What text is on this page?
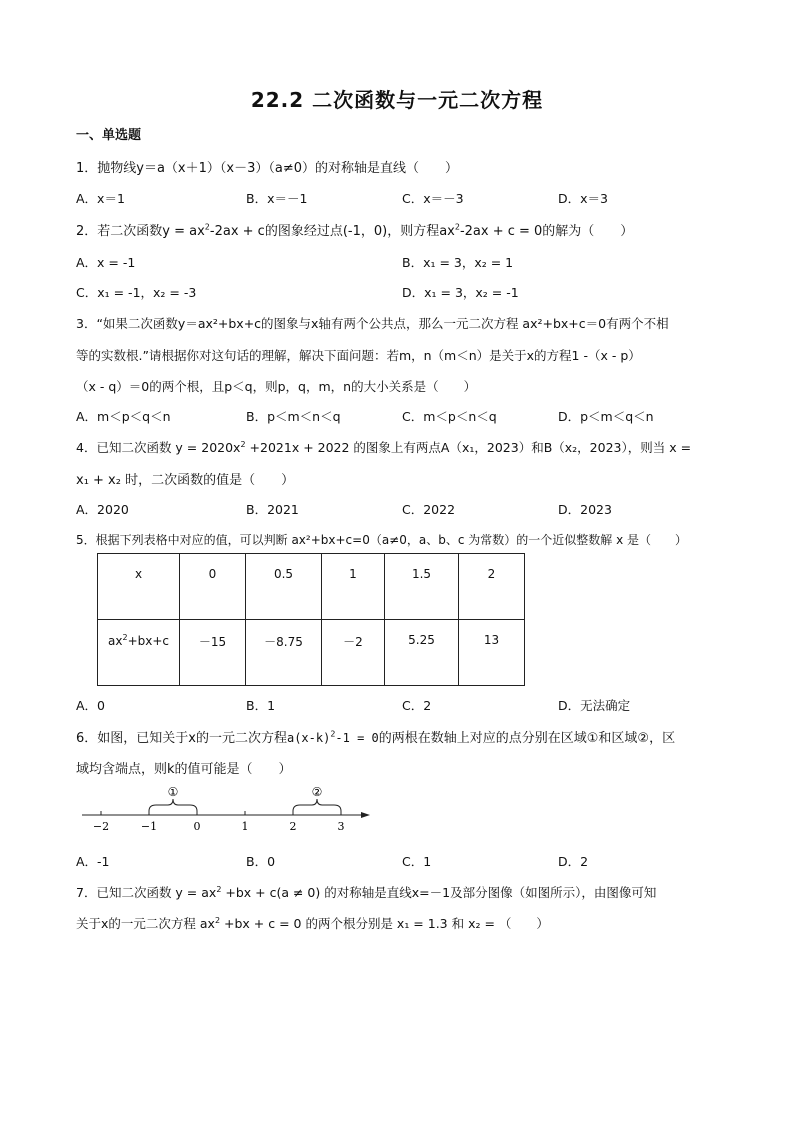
22.2 二次函数与一元二次方程
一、单选题
1．抛物线y＝a（x＋1）（x－3）（a≠0）的对称轴是直线（　　）
A．x＝1	B．x＝－1	C．x＝－3	D．x＝3
2．若二次函数$y = ax^2-2ax + c$的图象经过点(-1，0)，则方程$ax^2-2ax + c = 0$的解为（　　）
A．x = -1	B．x₁ = 3，x₂ = 1
C．x₁ = -1，x₂ = -3	D．x₁ = 3，x₂ = -1
3．“如果二次函数y＝ax²+bx+c的图象与x轴有两个公共点，那么一元二次方程 ax²+bx+c＝0有两个不相
等的实数根.”请根据你对这句话的理解，解决下面问题：若m，n（m＜n）是关于x的方程1 -（x - p）
（x - q）＝0的两个根，且p＜q，则p，q，m，n的大小关系是（　　）
A．m＜p＜q＜n	B．p＜m＜n＜q	C．m＜p＜n＜q	D．p＜m＜q＜n
4．已知二次函数 $y = 2020x^2 +2021x + 2022$ 的图象上有两点A（x₁，2023）和B（x₂，2023），则当 x =
x₁ + x₂ 时，二次函数的值是（　　）
A．2020	B．2021	C．2022	D．2023
5．根据下列表格中对应的值，可以判断 ax²+bx+c=0（a≠0，a、b、c 为常数）的一个近似整数解 x 是（　　）
x	0	0.5	1	1.5	2
$ax^2+bx+c$	－15	－8.75	－2	5.25	13
A．0	B．1	C．2	D．无法确定
6．如图，已知关于x的一元二次方程$a(x-k)^2-1 = 0$的两根在数轴上对应的点分别在区域①和区域②，区
域均含端点，则k的值可能是（　　）
①	②
−2	−1	0	1	2	3
A．-1	B．0	C．1	D．2
7．已知二次函数 $y = ax^2 +bx + c(a \ne 0)$ 的对称轴是直线x=－1及部分图像（如图所示），由图像可知
关于x的一元二次方程 $ax^2 +bx + c = 0$ 的两个根分别是 x₁ = 1.3 和 x₂ = （　　）
